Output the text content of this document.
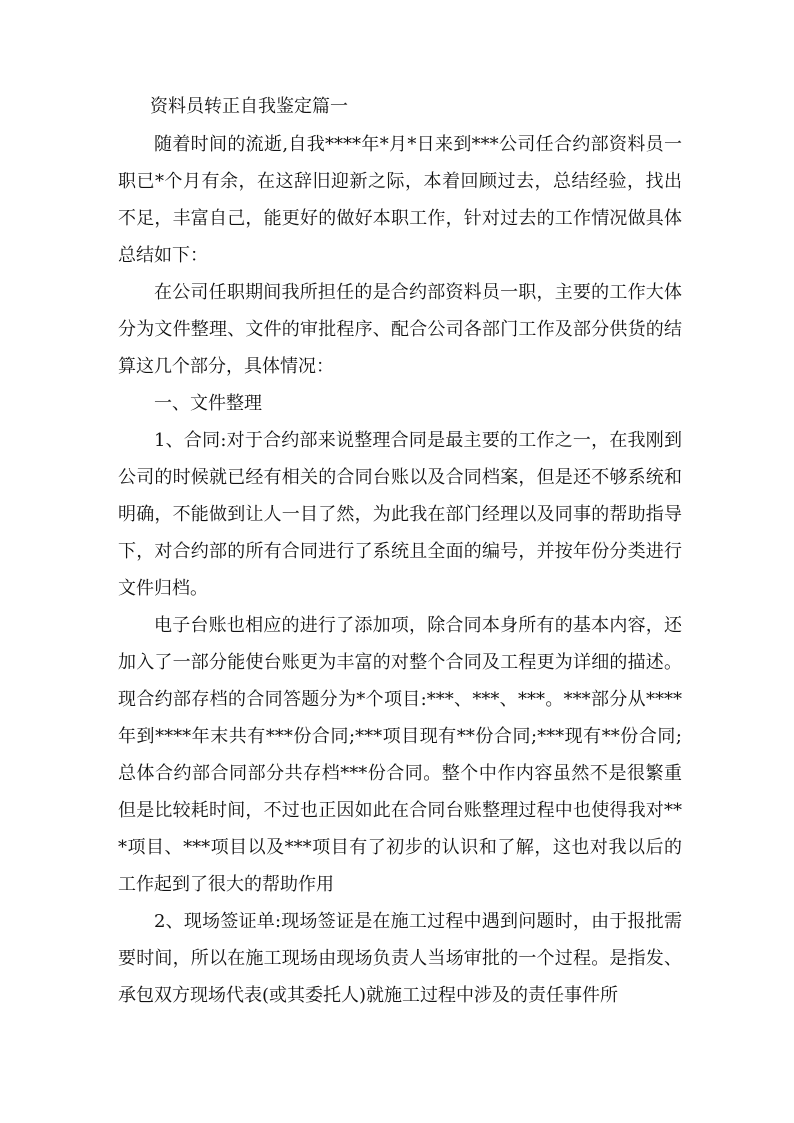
资料员转正自我鉴定篇一

随着时间的流逝,自我****年*月*日来到***公司任合约部资料员一职已*个月有余，在这辞旧迎新之际，本着回顾过去，总结经验，找出不足，丰富自己，能更好的做好本职工作，针对过去的工作情况做具体总结如下：

在公司任职期间我所担任的是合约部资料员一职，主要的工作大体分为文件整理、文件的审批程序、配合公司各部门工作及部分供货的结算这几个部分，具体情况：

一、文件整理

1、合同:对于合约部来说整理合同是最主要的工作之一，在我刚到公司的时候就已经有相关的合同台账以及合同档案，但是还不够系统和明确，不能做到让人一目了然，为此我在部门经理以及同事的帮助指导下，对合约部的所有合同进行了系统且全面的编号，并按年份分类进行文件归档。

电子台账也相应的进行了添加项，除合同本身所有的基本内容，还加入了一部分能使台账更为丰富的对整个合同及工程更为详细的描述。现合约部存档的合同答题分为*个项目:***、***、***。***部分从****年到****年末共有***份合同;***项目现有**份合同;***现有**份合同;总体合约部合同部分共存档***份合同。整个中作内容虽然不是很繁重但是比较耗时间，不过也正因如此在合同台账整理过程中也使得我对***项目、***项目以及***项目有了初步的认识和了解，这也对我以后的工作起到了很大的帮助作用

2、现场签证单:现场签证是在施工过程中遇到问题时，由于报批需要时间，所以在施工现场由现场负责人当场审批的一个过程。是指发、承包双方现场代表(或其委托人)就施工过程中涉及的责任事件所
